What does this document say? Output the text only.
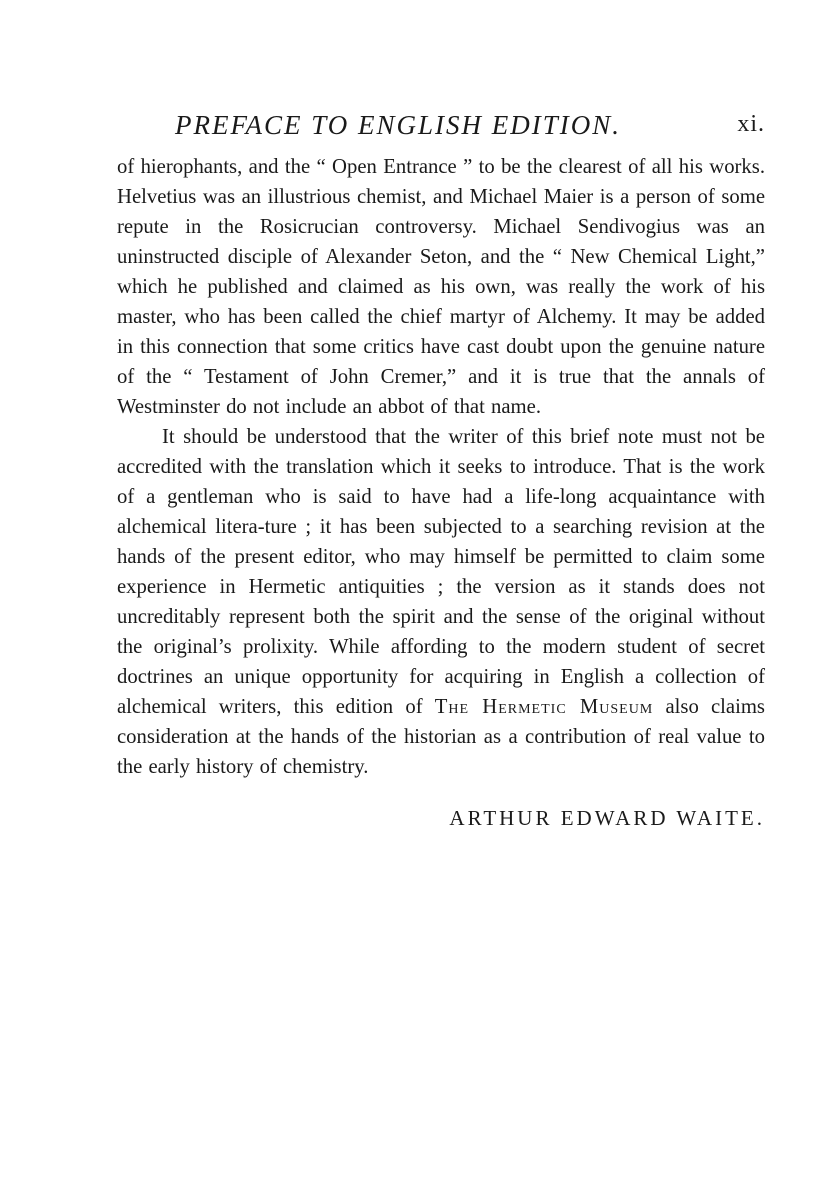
PREFACE TO ENGLISH EDITION.	xi.

of hierophants, and the “ Open Entrance ” to be the clearest of all his works. Helvetius was an illustrious chemist, and Michael Maier is a person of some repute in the Rosicrucian controversy. Michael Sendivogius was an uninstructed disciple of Alexander Seton, and the “ New Chemical Light,” which he published and claimed as his own, was really the work of his master, who has been called the chief martyr of Alchemy. It may be added in this connection that some critics have cast doubt upon the genuine nature of the “ Testament of John Cremer,” and it is true that the annals of Westminster do not include an abbot of that name.

It should be understood that the writer of this brief note must not be accredited with the translation which it seeks to introduce. That is the work of a gentleman who is said to have had a life-long acquaintance with alchemical litera-ture ; it has been subjected to a searching revision at the hands of the present editor, who may himself be permitted to claim some experience in Hermetic antiquities ; the version as it stands does not uncreditably represent both the spirit and the sense of the original without the original’s prolixity. While affording to the modern student of secret doctrines an unique opportunity for acquiring in English a collection of alchemical writers, this edition of The Hermetic Museum also claims consideration at the hands of the historian as a contribution of real value to the early history of chemistry.

ARTHUR EDWARD WAITE.
